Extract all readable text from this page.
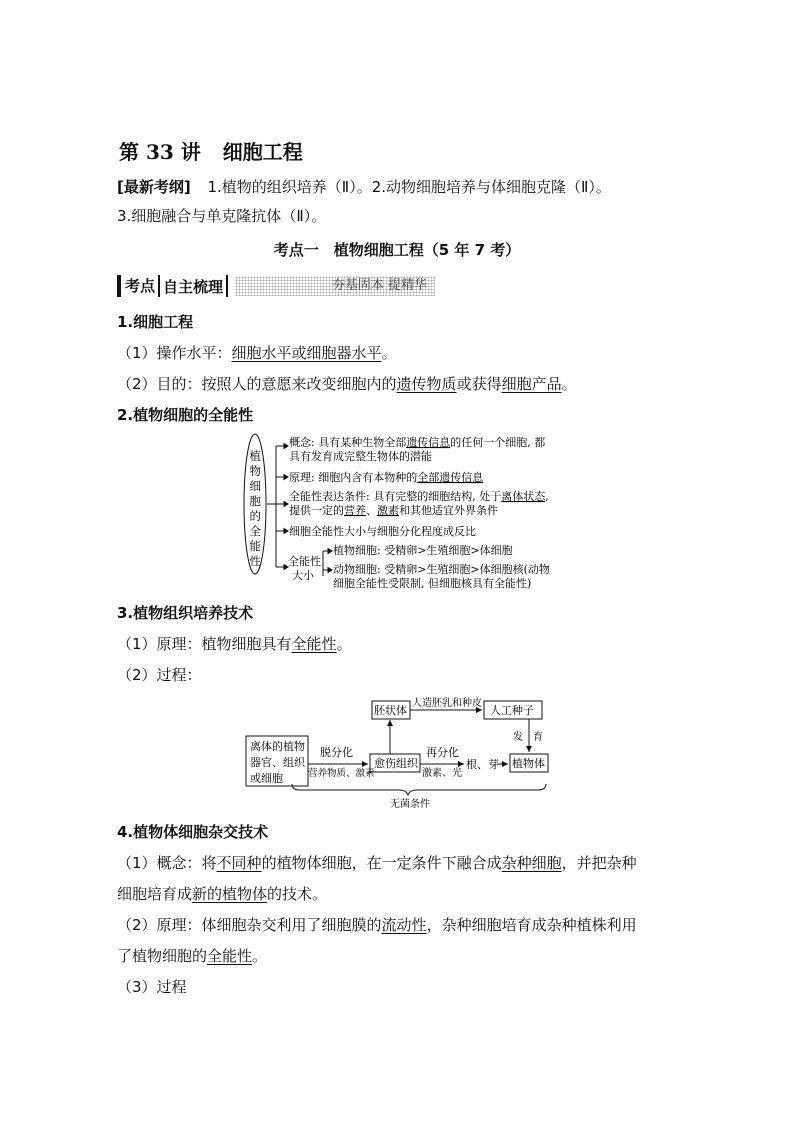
第 33 讲 细胞工程
[最新考纲] 1.植物的组织培养（Ⅱ）。2.动物细胞培养与体细胞克隆（Ⅱ）。
3.细胞融合与单克隆抗体（Ⅱ）。
考点一　植物细胞工程（5 年 7 考）
考点 自主梳理	夯基固本 提精华
1.细胞工程
（1）操作水平：细胞水平或细胞器水平。
（2）目的：按照人的意愿来改变细胞内的遗传物质或获得细胞产品。
2.植物细胞的全能性
植物细胞的全能性
概念: 具有某种生物全部遗传信息的任何一个细胞, 都
具有发育成完整生物体的潜能
原理: 细胞内含有本物种的全部遗传信息
全能性表达条件: 具有完整的细胞结构, 处于离体状态,
提供一定的营养、激素和其他适宜外界条件
细胞全能性大小与细胞分化程度成反比
全能性
大小
植物细胞: 受精卵>生殖细胞>体细胞
动物细胞: 受精卵>生殖细胞>体细胞核(动物
细胞全能性受限制, 但细胞核具有全能性)
3.植物组织培养技术
（1）原理：植物细胞具有全能性。
（2）过程：
离体的植物 器官、组织 或细胞
脱分化
营养物质、激素
愈伤组织
再分化
激素、光
根、芽 植物体
胚状体
人造胚乳和种皮
人工种子
发　育
无菌条件
4.植物体细胞杂交技术
（1）概念：将不同种的植物体细胞，在一定条件下融合成杂种细胞，并把杂种
细胞培育成新的植物体的技术。
（2）原理：体细胞杂交利用了细胞膜的流动性，杂种细胞培育成杂种植株利用
了植物细胞的全能性。
（3）过程
